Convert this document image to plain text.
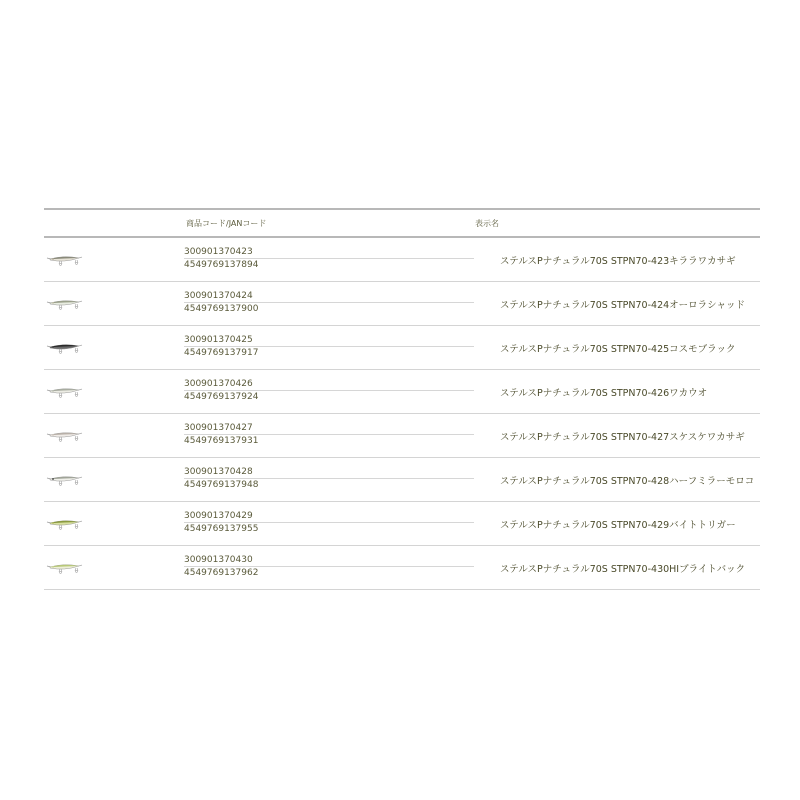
商品コード/JANコード	表示名
300901370423
4549769137894	ステルスPナチュラル70S STPN70-423キララワカサギ
300901370424
4549769137900	ステルスPナチュラル70S STPN70-424オーロラシャッド
300901370425
4549769137917	ステルスPナチュラル70S STPN70-425コスモブラック
300901370426
4549769137924	ステルスPナチュラル70S STPN70-426ワカウオ
300901370427
4549769137931	ステルスPナチュラル70S STPN70-427スケスケワカサギ
300901370428
4549769137948	ステルスPナチュラル70S STPN70-428ハーフミラーモロコ
300901370429
4549769137955	ステルスPナチュラル70S STPN70-429バイトトリガー
300901370430
4549769137962	ステルスPナチュラル70S STPN70-430HIブライトバック
